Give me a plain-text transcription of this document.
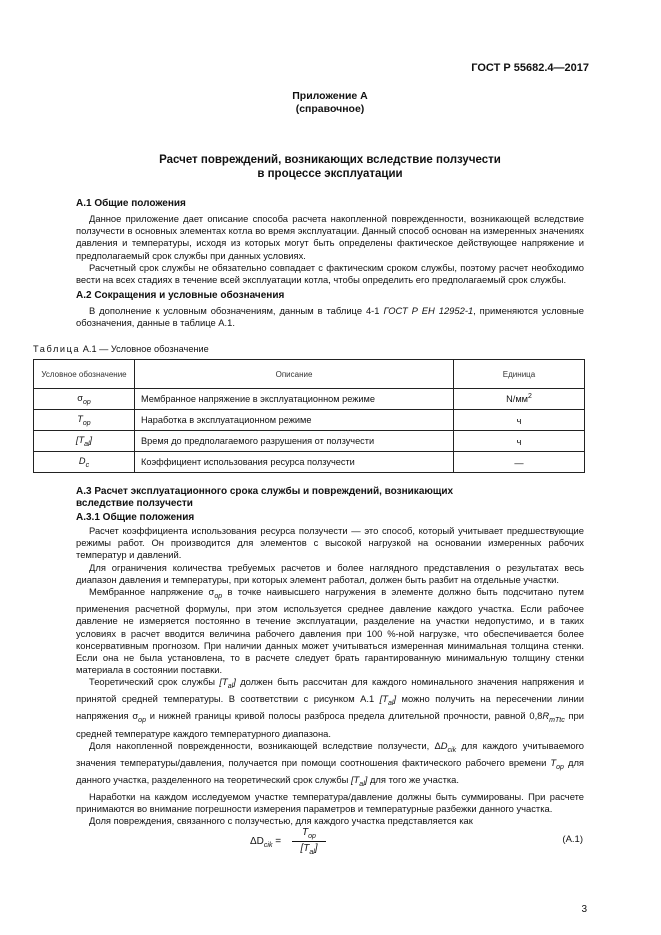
ГОСТ Р 55682.4—2017
Приложение А
(справочное)
Расчет повреждений, возникающих вследствие ползучести
в процессе эксплуатации
А.1 Общие положения

Данное приложение дает описание способа расчета накопленной поврежденности, возникающей вследствие ползучести в основных элементах котла во время эксплуатации. Данный способ основан на измеренных значениях давления и температуры, исходя из которых могут быть определены фактическое действующее напряжение и предполагаемый срок службы при данных условиях.

Расчетный срок службы не обязательно совпадает с фактическим сроком службы, поэтому расчет необходимо вести на всех стадиях в течение всей эксплуатации котла, чтобы определить его предполагаемый срок службы.

А.2 Сокращения и условные обозначения

В дополнение к условным обозначениям, данным в таблице 4-1 ГОСТ Р ЕН 12952-1, применяются условные обозначения, данные в таблице А.1.

Таблица А.1 — Условное обозначение
Условное обозначение	Описание	Единица
$\sigma_{op}$	Мембранное напряжение в эксплуатационном режиме	$N/мм^2$
$T_{op}$	Наработка в эксплуатационном режиме	ч
$[T_{al}]$	Время до предполагаемого разрушения от ползучести	ч
$D_c$	Коэффициент использования ресурса ползучести	—
А.3 Расчет эксплуатационного срока службы и повреждений, возникающих
вследствие ползучести
А.3.1 Общие положения

Расчет коэффициента использования ресурса ползучести — это способ, который учитывает предшествующие режимы работ. Он производится для элементов с высокой нагрузкой на основании измеренных рабочих температур и давлений.

Для ограничения количества требуемых расчетов и более наглядного представления о результатах весь диапазон давления и температуры, при которых элемент работал, должен быть разбит на отдельные участки.

Мембранное напряжение $\sigma_{op}$ в точке наивысшего нагружения в элементе должно быть подсчитано путем применения расчетной формулы, при этом используется среднее давление каждого участка. Если рабочее давление не измеряется постоянно в течение эксплуатации, разделение на участки недопустимо, и в таких условиях в расчет вводится величина рабочего давления при 100 %-ной нагрузке, что обеспечивается более консервативным прогнозом. При наличии данных может учитываться измеренная минимальная толщина стенки. Если она не была установлена, то в расчете следует брать гарантированную минимальную толщину стенки материала в состоянии поставки.

Теоретический срок службы $[T_{al}]$ должен быть рассчитан для каждого номинального значения напряжения и принятой средней температуры. В соответствии с рисунком А.1 $[T_{al}]$ можно получить на пересечении линии напряжения $\sigma_{op}$ и нижней границы кривой полосы разброса предела длительной прочности, равной $0,8R_{mTtc}$ при средней температуре каждого температурного диапазона.

Доля накопленной поврежденности, возникающей вследствие ползучести, $\Delta D_{cik}$ для каждого учитываемого значения температуры/давления, получается при помощи соотношения фактического рабочего времени $T_{op}$ для данного участка, разделенного на теоретический срок службы $[T_{al}]$ для того же участка.

Наработки на каждом исследуемом участке температура/давление должны быть суммированы. При расчете принимаются во внимание погрешности измерения параметров и температурные разбежки данного участка.

Доля повреждения, связанного с ползучестью, для каждого участка представляется как

$\Delta D_{cik}$ =
$T_{op}$
$[T_{al}]$
(А.1)
3
